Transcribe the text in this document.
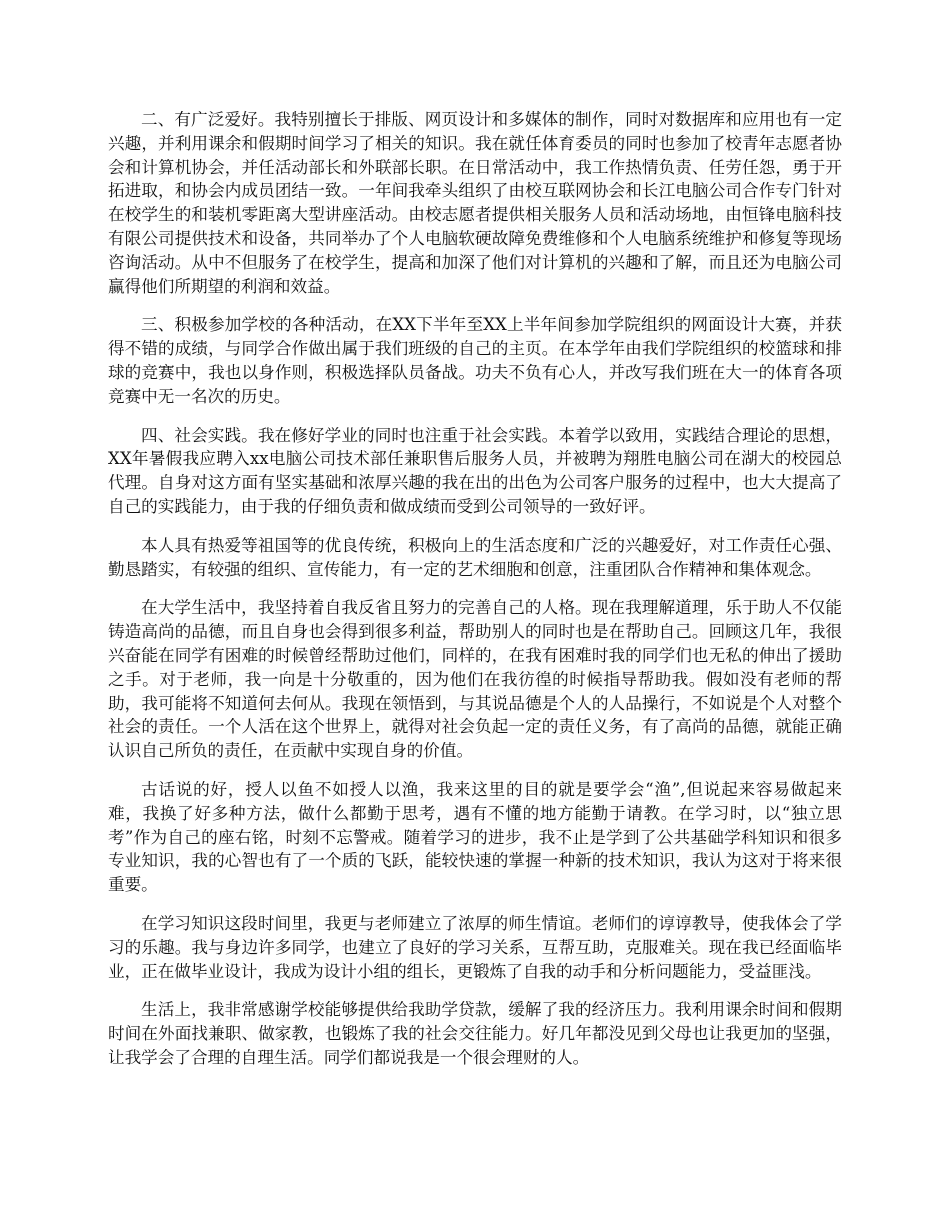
二、有广泛爱好。我特别擅长于排版、网页设计和多媒体的制作，同时对数据库和应用也有一定兴趣，并利用课余和假期时间学习了相关的知识。我在就任体育委员的同时也参加了校青年志愿者协会和计算机协会，并任活动部长和外联部长职。在日常活动中，我工作热情负责、任劳任怨，勇于开拓进取，和协会内成员团结一致。一年间我牵头组织了由校互联网协会和长江电脑公司合作专门针对在校学生的和装机零距离大型讲座活动。由校志愿者提供相关服务人员和活动场地，由恒锋电脑科技有限公司提供技术和设备，共同举办了个人电脑软硬故障免费维修和个人电脑系统维护和修复等现场咨询活动。从中不但服务了在校学生，提高和加深了他们对计算机的兴趣和了解，而且还为电脑公司赢得他们所期望的利润和效益。

三、积极参加学校的各种活动，在XX下半年至XX上半年间参加学院组织的网面设计大赛，并获得不错的成绩，与同学合作做出属于我们班级的自己的主页。在本学年由我们学院组织的校篮球和排球的竞赛中，我也以身作则，积极选择队员备战。功夫不负有心人，并改写我们班在大一的体育各项竞赛中无一名次的历史。

四、社会实践。我在修好学业的同时也注重于社会实践。本着学以致用，实践结合理论的思想，XX年暑假我应聘入xx电脑公司技术部任兼职售后服务人员，并被聘为翔胜电脑公司在湖大的校园总代理。自身对这方面有坚实基础和浓厚兴趣的我在出的出色为公司客户服务的过程中，也大大提高了自己的实践能力，由于我的仔细负责和做成绩而受到公司领导的一致好评。

本人具有热爱等祖国等的优良传统，积极向上的生活态度和广泛的兴趣爱好，对工作责任心强、勤恳踏实，有较强的组织、宣传能力，有一定的艺术细胞和创意，注重团队合作精神和集体观念。

在大学生活中，我坚持着自我反省且努力的完善自己的人格。现在我理解道理，乐于助人不仅能铸造高尚的品德，而且自身也会得到很多利益，帮助别人的同时也是在帮助自己。回顾这几年，我很兴奋能在同学有困难的时候曾经帮助过他们，同样的，在我有困难时我的同学们也无私的伸出了援助之手。对于老师，我一向是十分敬重的，因为他们在我彷徨的时候指导帮助我。假如没有老师的帮助，我可能将不知道何去何从。我现在领悟到，与其说品德是个人的人品操行，不如说是个人对整个社会的责任。一个人活在这个世界上，就得对社会负起一定的责任义务，有了高尚的品德，就能正确认识自己所负的责任，在贡献中实现自身的价值。

古话说的好，授人以鱼不如授人以渔，我来这里的目的就是要学会“渔”,但说起来容易做起来难，我换了好多种方法，做什么都勤于思考，遇有不懂的地方能勤于请教。在学习时，以“独立思考”作为自己的座右铭，时刻不忘警戒。随着学习的进步，我不止是学到了公共基础学科知识和很多专业知识，我的心智也有了一个质的飞跃，能较快速的掌握一种新的技术知识，我认为这对于将来很重要。

在学习知识这段时间里，我更与老师建立了浓厚的师生情谊。老师们的谆谆教导，使我体会了学习的乐趣。我与身边许多同学，也建立了良好的学习关系，互帮互助，克服难关。现在我已经面临毕业，正在做毕业设计，我成为设计小组的组长，更锻炼了自我的动手和分析问题能力，受益匪浅。

生活上，我非常感谢学校能够提供给我助学贷款，缓解了我的经济压力。我利用课余时间和假期时间在外面找兼职、做家教，也锻炼了我的社会交往能力。好几年都没见到父母也让我更加的坚强，让我学会了合理的自理生活。同学们都说我是一个很会理财的人。
